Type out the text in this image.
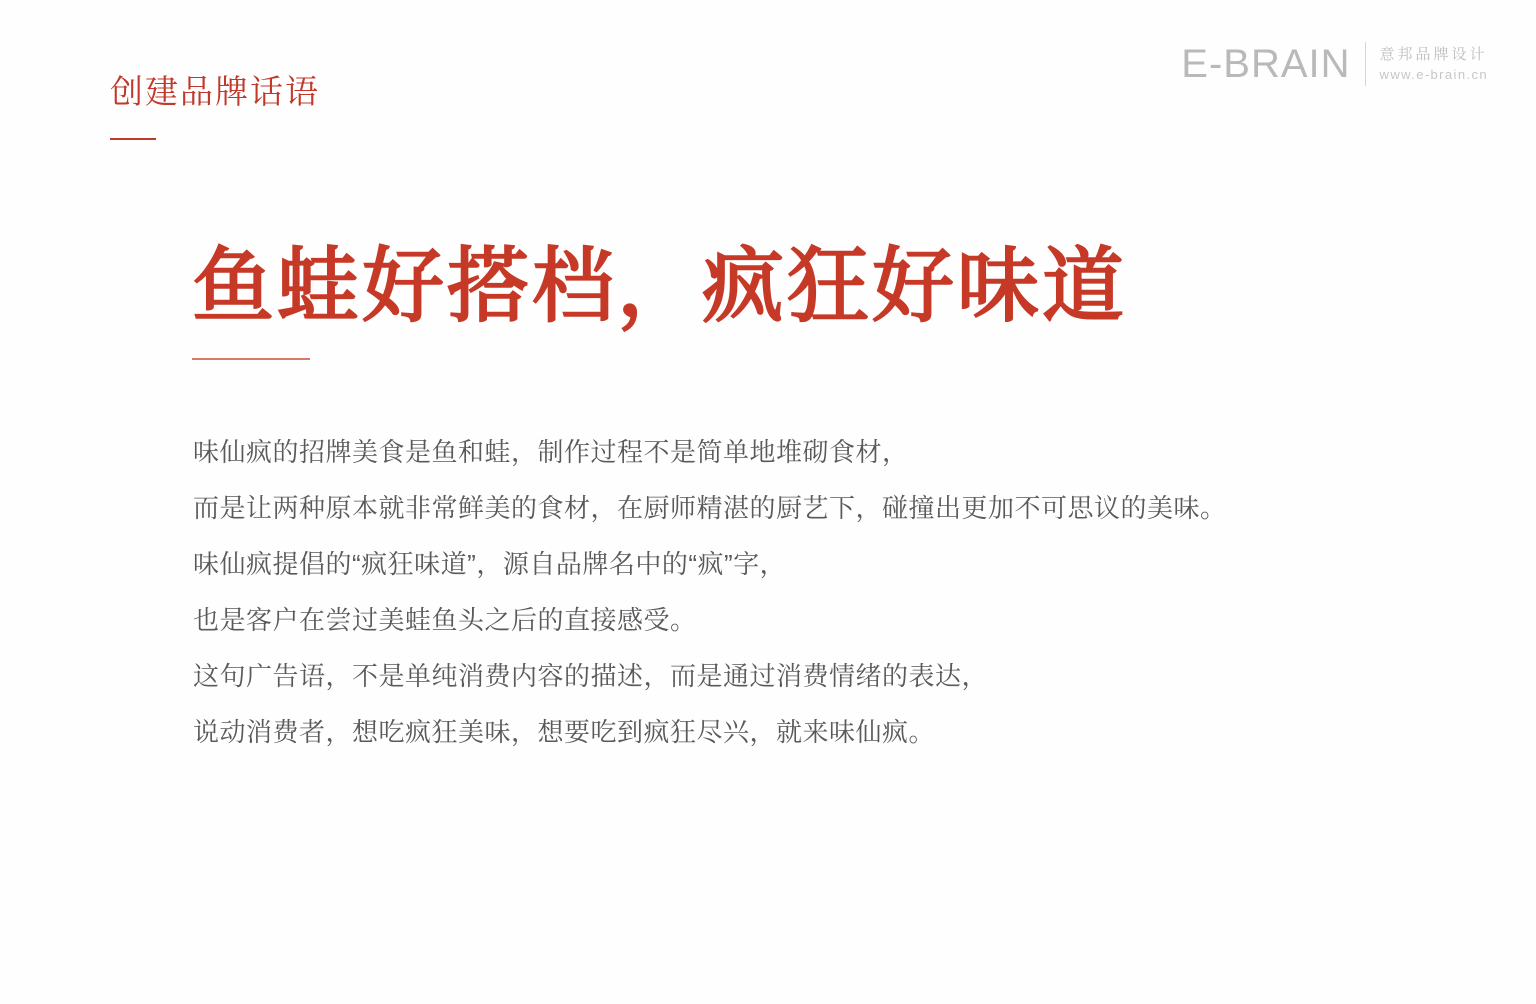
E-BRAIN 意邦品牌设计
www.e-brain.cn
创建品牌话语
鱼蛙好搭档，疯狂好味道
味仙疯的招牌美食是鱼和蛙，制作过程不是简单地堆砌食材，
而是让两种原本就非常鲜美的食材，在厨师精湛的厨艺下，碰撞出更加不可思议的美味。
味仙疯提倡的“疯狂味道”，源自品牌名中的“疯”字，
也是客户在尝过美蛙鱼头之后的直接感受。
这句广告语，不是单纯消费内容的描述，而是通过消费情绪的表达，
说动消费者，想吃疯狂美味，想要吃到疯狂尽兴，就来味仙疯。
